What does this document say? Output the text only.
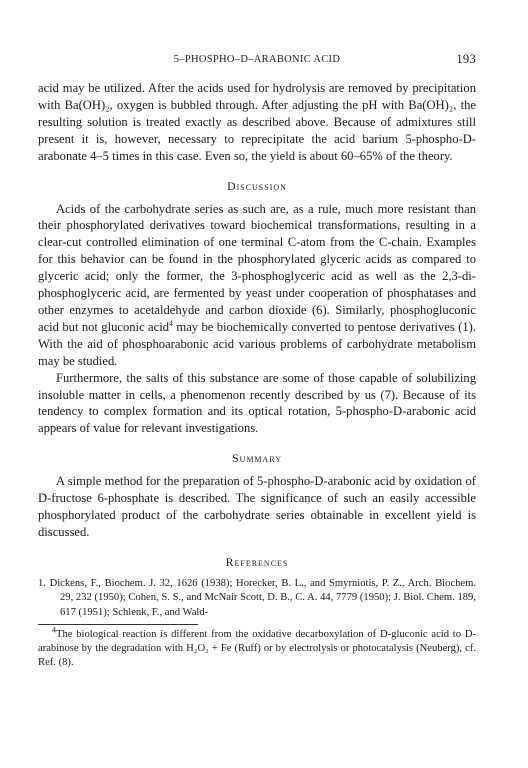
5–PHOSPHO–D–ARABONIC ACID	193

acid may be utilized. After the acids used for hydrolysis are removed by precipitation with Ba(OH)₂, oxygen is bubbled through. After adjusting the pH with Ba(OH)₂, the resulting solution is treated exactly as described above. Because of admixtures still present it is, however, necessary to reprecipitate the acid barium 5-phospho-D-arabonate 4–5 times in this case. Even so, the yield is about 60–65% of the theory.

Discussion

Acids of the carbohydrate series as such are, as a rule, much more resistant than their phosphorylated derivatives toward biochemical transformations, resulting in a clear-cut controlled elimination of one terminal C-atom from the C-chain. Examples for this behavior can be found in the phosphorylated glyceric acids as compared to glyceric acid; only the former, the 3-phosphoglyceric acid as well as the 2,3-di-phosphoglyceric acid, are fermented by yeast under cooperation of phosphatases and other enzymes to acetaldehyde and carbon dioxide (6). Similarly, phosphogluconic acid but not gluconic acid$^4$ may be biochemically converted to pentose derivatives (1). With the aid of phosphoarabonic acid various problems of carbohydrate metabolism may be studied.

Furthermore, the salts of this substance are some of those capable of solubilizing insoluble matter in cells, a phenomenon recently described by us (7). Because of its tendency to complex formation and its optical rotation, 5-phospho-D-arabonic acid appears of value for relevant investigations.

Summary

A simple method for the preparation of 5-phospho-D-arabonic acid by oxidation of D-fructose 6-phosphate is described. The significance of such an easily accessible phosphorylated product of the carbohydrate series obtainable in excellent yield is discussed.

References
1. Dickens, F., Biochem. J. 32, 1626 (1938); Horecker, B. L., and Smyrniotis, P. Z., Arch. Biochem. 29, 232 (1950); Cohen, S. S., and McNair Scott, D. B., C. A. 44, 7779 (1950); J. Biol. Chem. 189, 617 (1951); Schlenk, F., and Wald-
$^4$The biological reaction is different from the oxidative decarboxylation of D-gluconic acid to D-arabinose by the degradation with H₂O₂ + Fe (Ruff) or by electrolysis or photocatalysis (Neuberg), cf. Ref. (8).
